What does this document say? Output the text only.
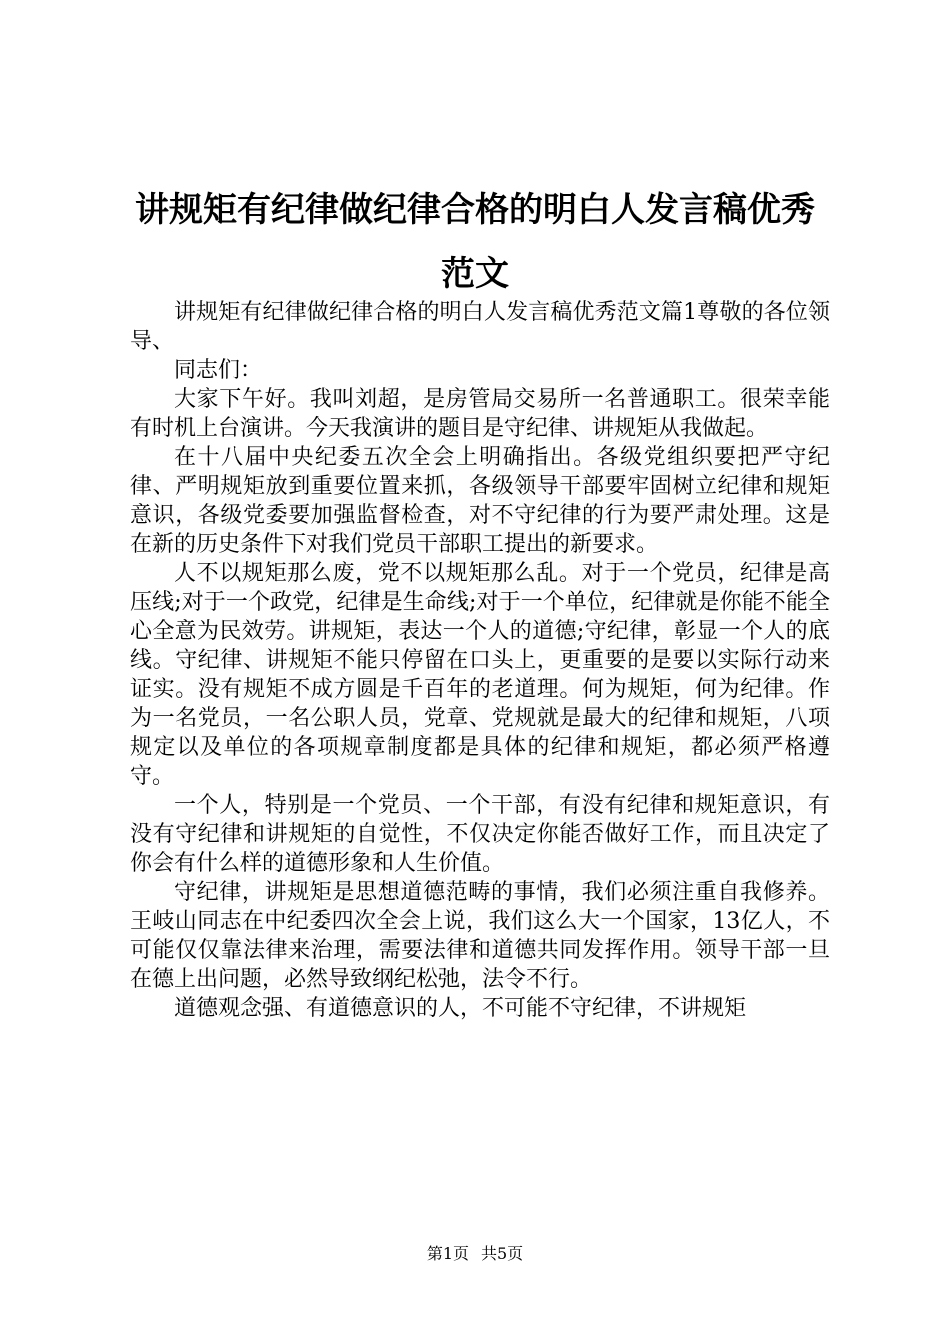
讲规矩有纪律做纪律合格的明白人发言稿优秀范文

讲规矩有纪律做纪律合格的明白人发言稿优秀范文篇1尊敬的各位领导、

同志们：

大家下午好。我叫刘超，是房管局交易所一名普通职工。很荣幸能有时机上台演讲。今天我演讲的题目是守纪律、讲规矩从我做起。

在十八届中央纪委五次全会上明确指出。各级党组织要把严守纪律、严明规矩放到重要位置来抓，各级领导干部要牢固树立纪律和规矩意识，各级党委要加强监督检查，对不守纪律的行为要严肃处理。这是在新的历史条件下对我们党员干部职工提出的新要求。

人不以规矩那么废，党不以规矩那么乱。对于一个党员，纪律是高压线;对于一个政党，纪律是生命线;对于一个单位，纪律就是你能不能全心全意为民效劳。讲规矩，表达一个人的道德;守纪律，彰显一个人的底线。守纪律、讲规矩不能只停留在口头上，更重要的是要以实际行动来证实。没有规矩不成方圆是千百年的老道理。何为规矩，何为纪律。作为一名党员，一名公职人员，党章、党规就是最大的纪律和规矩，八项规定以及单位的各项规章制度都是具体的纪律和规矩，都必须严格遵守。

一个人，特别是一个党员、一个干部，有没有纪律和规矩意识，有没有守纪律和讲规矩的自觉性，不仅决定你能否做好工作，而且决定了你会有什么样的道德形象和人生价值。

守纪律，讲规矩是思想道德范畴的事情，我们必须注重自我修养。王岐山同志在中纪委四次全会上说，我们这么大一个国家，13亿人，不可能仅仅靠法律来治理，需要法律和道德共同发挥作用。领导干部一旦在德上出问题，必然导致纲纪松弛，法令不行。

道德观念强、有道德意识的人，不可能不守纪律，不讲规矩

第1页 共5页
